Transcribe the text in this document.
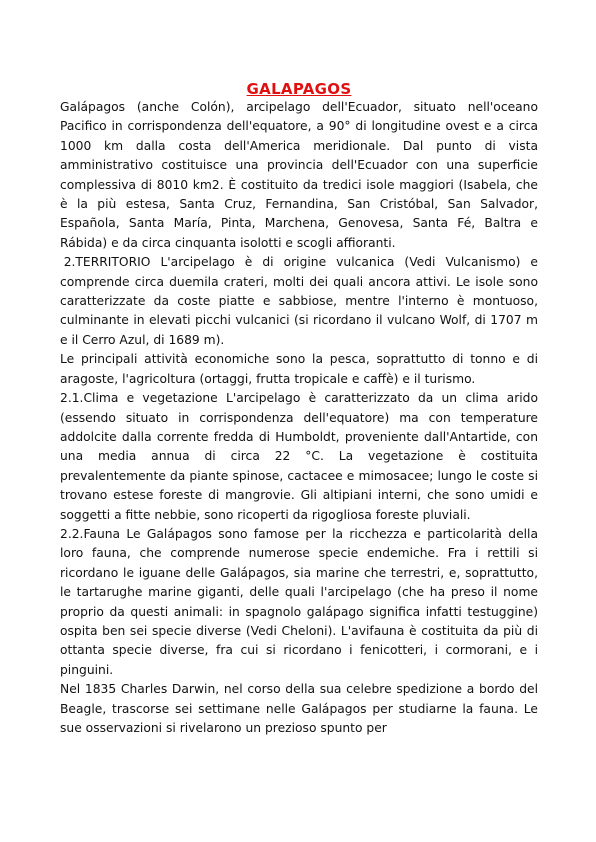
GALAPAGOS

Galápagos (anche Colón), arcipelago dell'Ecuador, situato nell'oceano Pacifico in corrispondenza dell'equatore, a 90° di longitudine ovest e a circa 1000 km dalla costa dell'America meridionale. Dal punto di vista amministrativo costituisce una provincia dell'Ecuador con una superficie complessiva di 8010 km2. È costituito da tredici isole maggiori (Isabela, che è la più estesa, Santa Cruz, Fernandina, San Cristóbal, San Salvador, Española, Santa María, Pinta, Marchena, Genovesa, Santa Fé, Baltra e Rábida) e da circa cinquanta isolotti e scogli affioranti.

2.TERRITORIO L'arcipelago è di origine vulcanica (Vedi Vulcanismo) e comprende circa duemila crateri, molti dei quali ancora attivi. Le isole sono caratterizzate da coste piatte e sabbiose, mentre l'interno è montuoso, culminante in elevati picchi vulcanici (si ricordano il vulcano Wolf, di 1707 m e il Cerro Azul, di 1689 m).

Le principali attività economiche sono la pesca, soprattutto di tonno e di aragoste, l'agricoltura (ortaggi, frutta tropicale e caffè) e il turismo.

2.1.Clima e vegetazione L'arcipelago è caratterizzato da un clima arido (essendo situato in corrispondenza dell'equatore) ma con temperature addolcite dalla corrente fredda di Humboldt, proveniente dall'Antartide, con una media annua di circa 22 °C. La vegetazione è costituita prevalentemente da piante spinose, cactacee e mimosacee; lungo le coste si trovano estese foreste di mangrovie. Gli altipiani interni, che sono umidi e soggetti a fitte nebbie, sono ricoperti da rigogliosa foreste pluviali.

2.2.Fauna Le Galápagos sono famose per la ricchezza e particolarità della loro fauna, che comprende numerose specie endemiche. Fra i rettili si ricordano le iguane delle Galápagos, sia marine che terrestri, e, soprattutto, le tartarughe marine giganti, delle quali l'arcipelago (che ha preso il nome proprio da questi animali: in spagnolo galápago significa infatti testuggine) ospita ben sei specie diverse (Vedi Cheloni). L'avifauna è costituita da più di ottanta specie diverse, fra cui si ricordano i fenicotteri, i cormorani, e i pinguini.

Nel 1835 Charles Darwin, nel corso della sua celebre spedizione a bordo del Beagle, trascorse sei settimane nelle Galápagos per studiarne la fauna. Le sue osservazioni si rivelarono un prezioso spunto per
